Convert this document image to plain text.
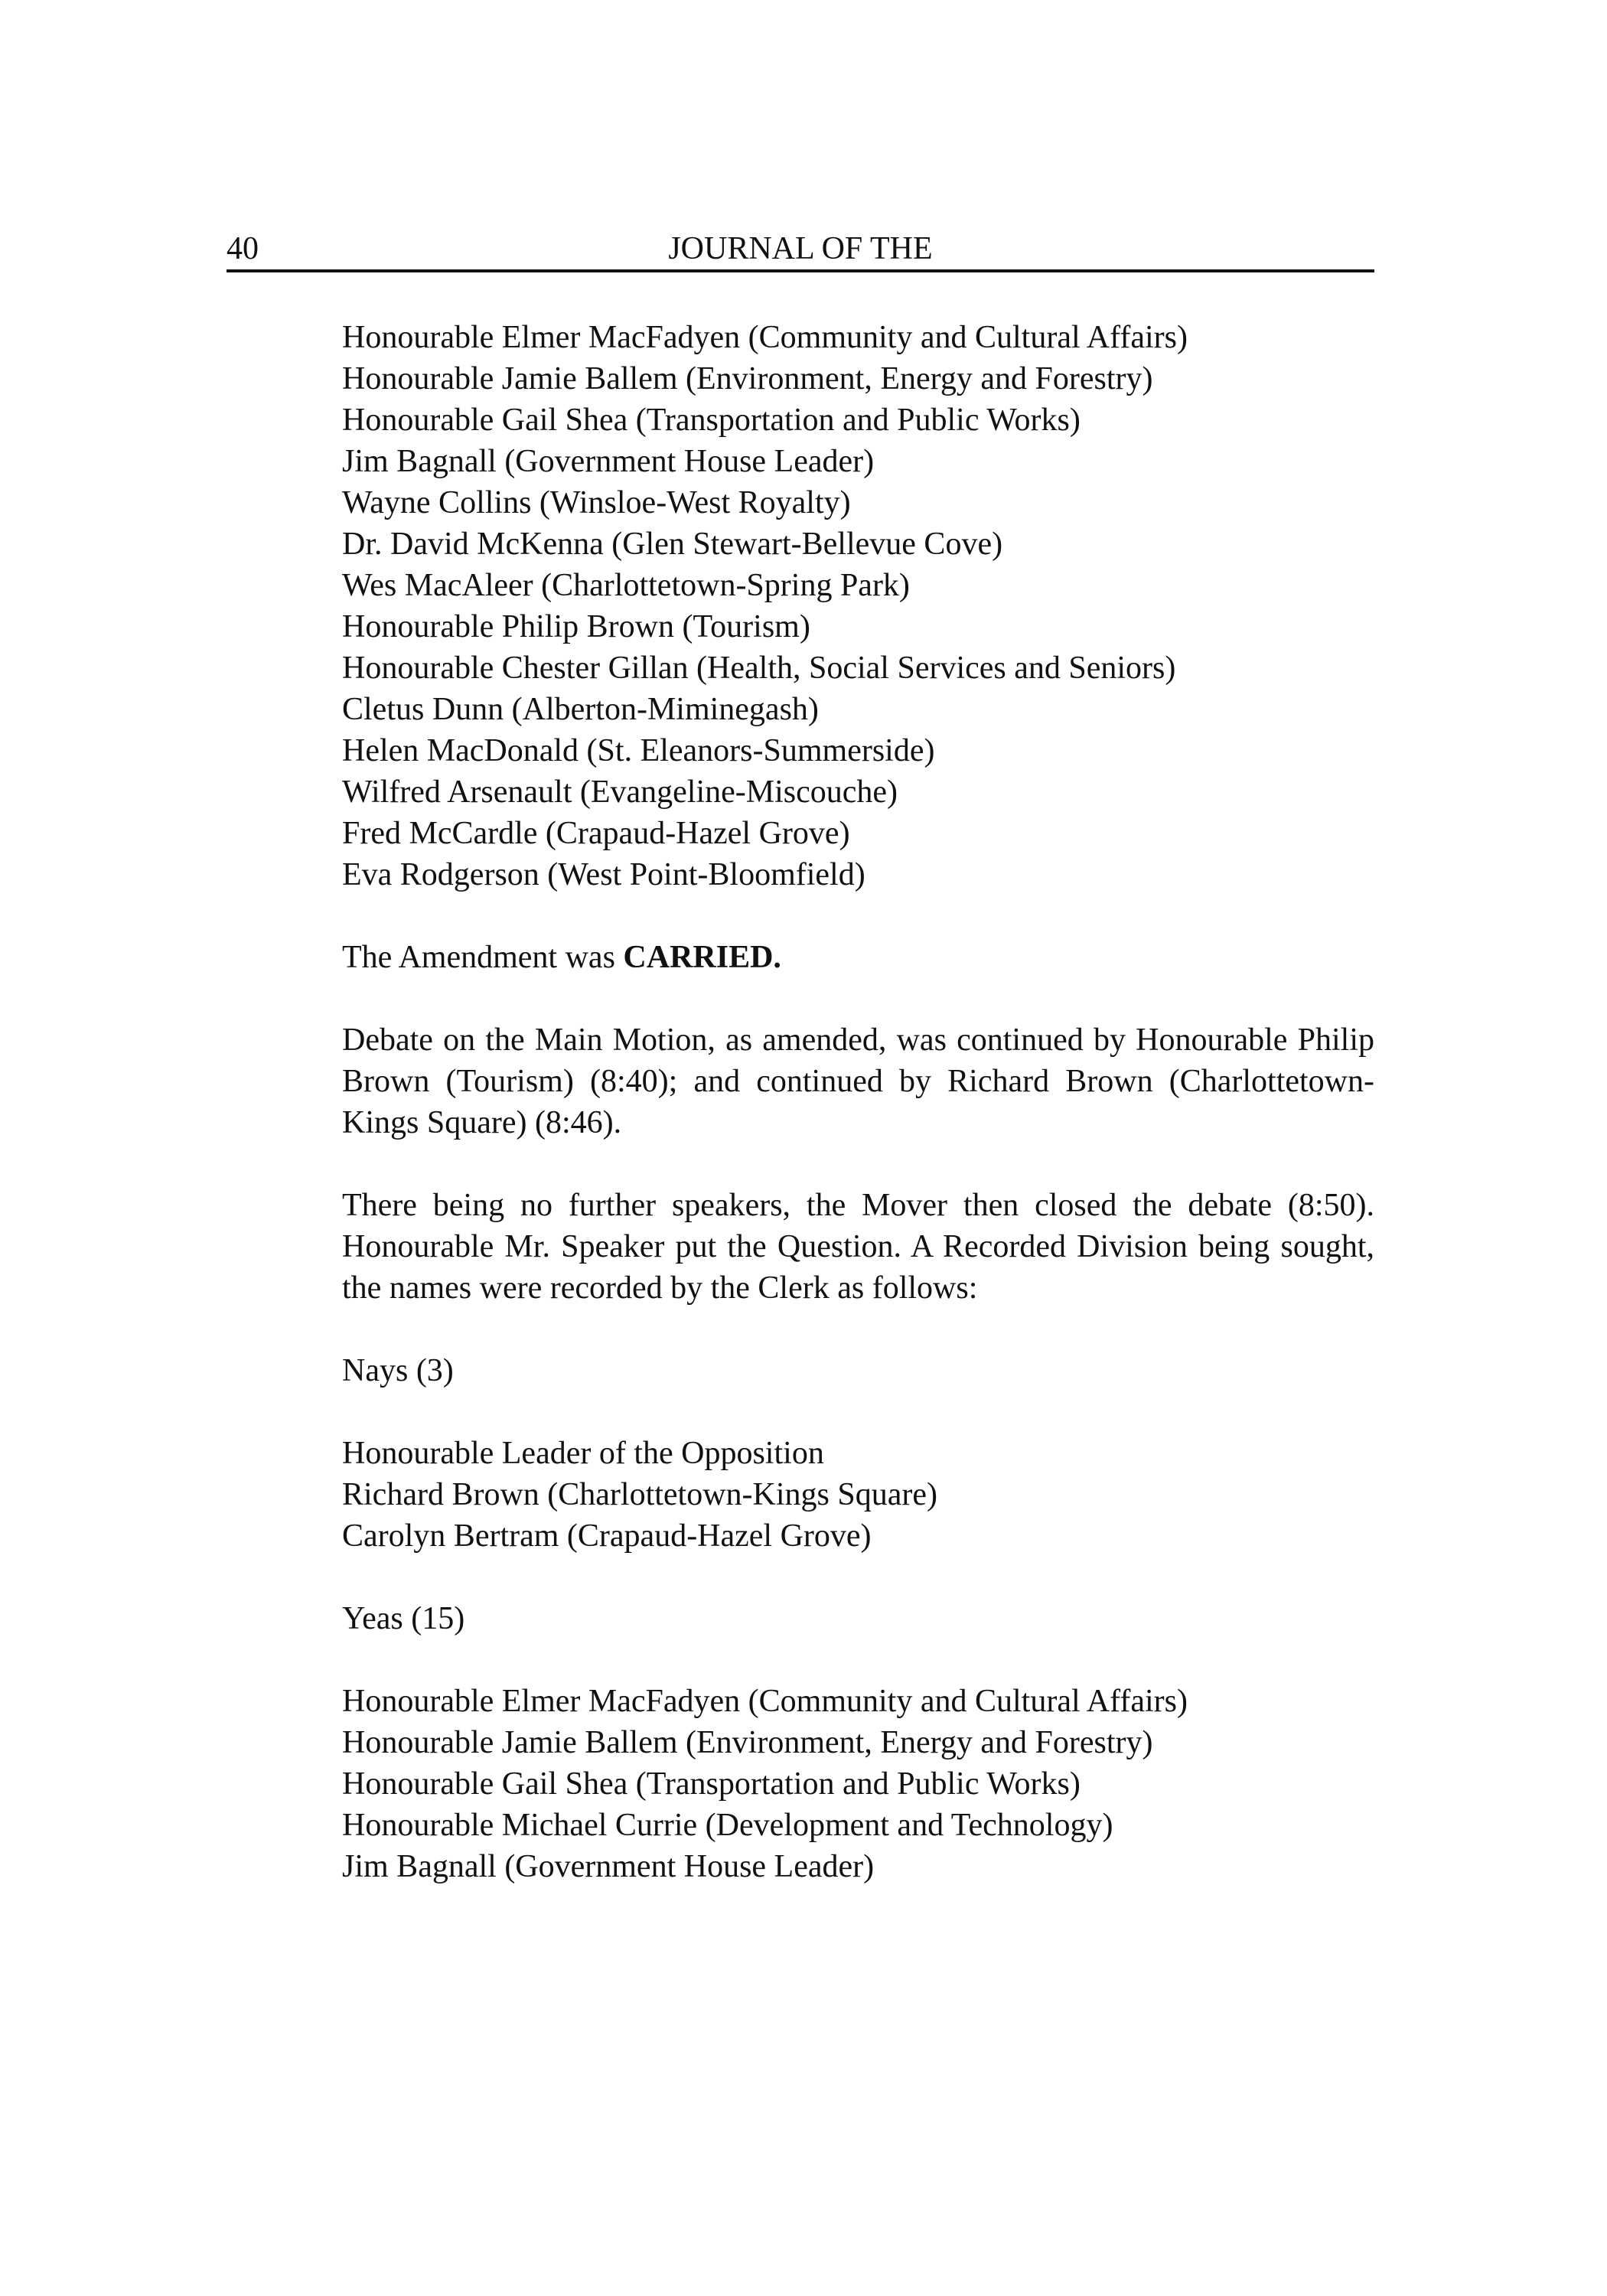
40	JOURNAL OF THE
Honourable Elmer MacFadyen (Community and Cultural Affairs)
Honourable Jamie Ballem (Environment, Energy and Forestry)
Honourable Gail Shea (Transportation and Public Works)
Jim Bagnall (Government House Leader)
Wayne Collins (Winsloe-West Royalty)
Dr. David McKenna (Glen Stewart-Bellevue Cove)
Wes MacAleer (Charlottetown-Spring Park)
Honourable Philip Brown (Tourism)
Honourable Chester Gillan (Health, Social Services and Seniors)
Cletus Dunn (Alberton-Miminegash)
Helen MacDonald (St. Eleanors-Summerside)
Wilfred Arsenault (Evangeline-Miscouche)
Fred McCardle (Crapaud-Hazel Grove)
Eva Rodgerson (West Point-Bloomfield)

The Amendment was CARRIED.

Debate on the Main Motion, as amended, was continued by Honourable Philip Brown (Tourism) (8:40); and continued by Richard Brown (Charlottetown-Kings Square) (8:46).

There being no further speakers, the Mover then closed the debate (8:50). Honourable Mr. Speaker put the Question. A Recorded Division being sought, the names were recorded by the Clerk as follows:

Nays (3)

Honourable Leader of the Opposition
Richard Brown (Charlottetown-Kings Square)
Carolyn Bertram (Crapaud-Hazel Grove)

Yeas (15)

Honourable Elmer MacFadyen (Community and Cultural Affairs)
Honourable Jamie Ballem (Environment, Energy and Forestry)
Honourable Gail Shea (Transportation and Public Works)
Honourable Michael Currie (Development and Technology)
Jim Bagnall (Government House Leader)
